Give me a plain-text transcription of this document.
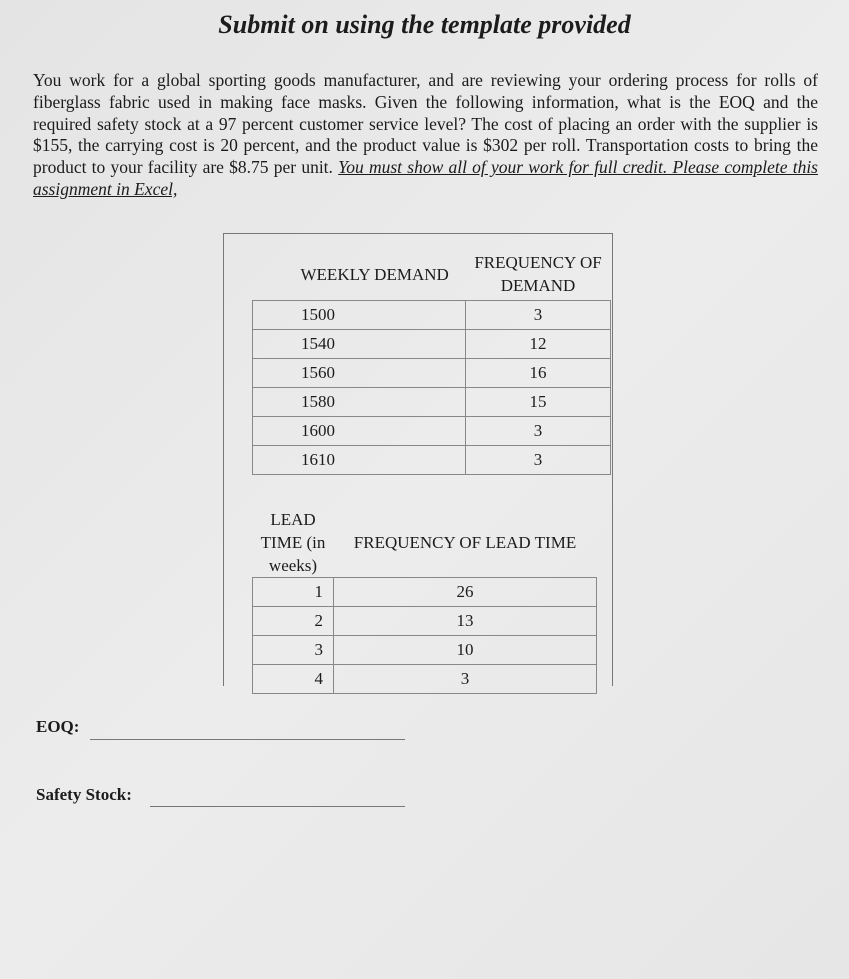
Submit on using the template provided
You work for a global sporting goods manufacturer, and are reviewing your ordering process for rolls of fiberglass fabric used in making face masks. Given the following information, what is the EOQ and the required safety stock at a 97 percent customer service level? The cost of placing an order with the supplier is $155, the carrying cost is 20 percent, and the product value is $302 per roll. Transportation costs to bring the product to your facility are $8.75 per unit. You must show all of your work for full credit. Please complete this assignment in Excel,
WEEKLY DEMAND	FREQUENCY OF DEMAND
1500	3
1540	12
1560	16
1580	15
1600	3
1610	3
LEAD TIME (in weeks)	FREQUENCY OF LEAD TIME
1	26
2	13
3	10
4	3
EOQ:
Safety Stock:
